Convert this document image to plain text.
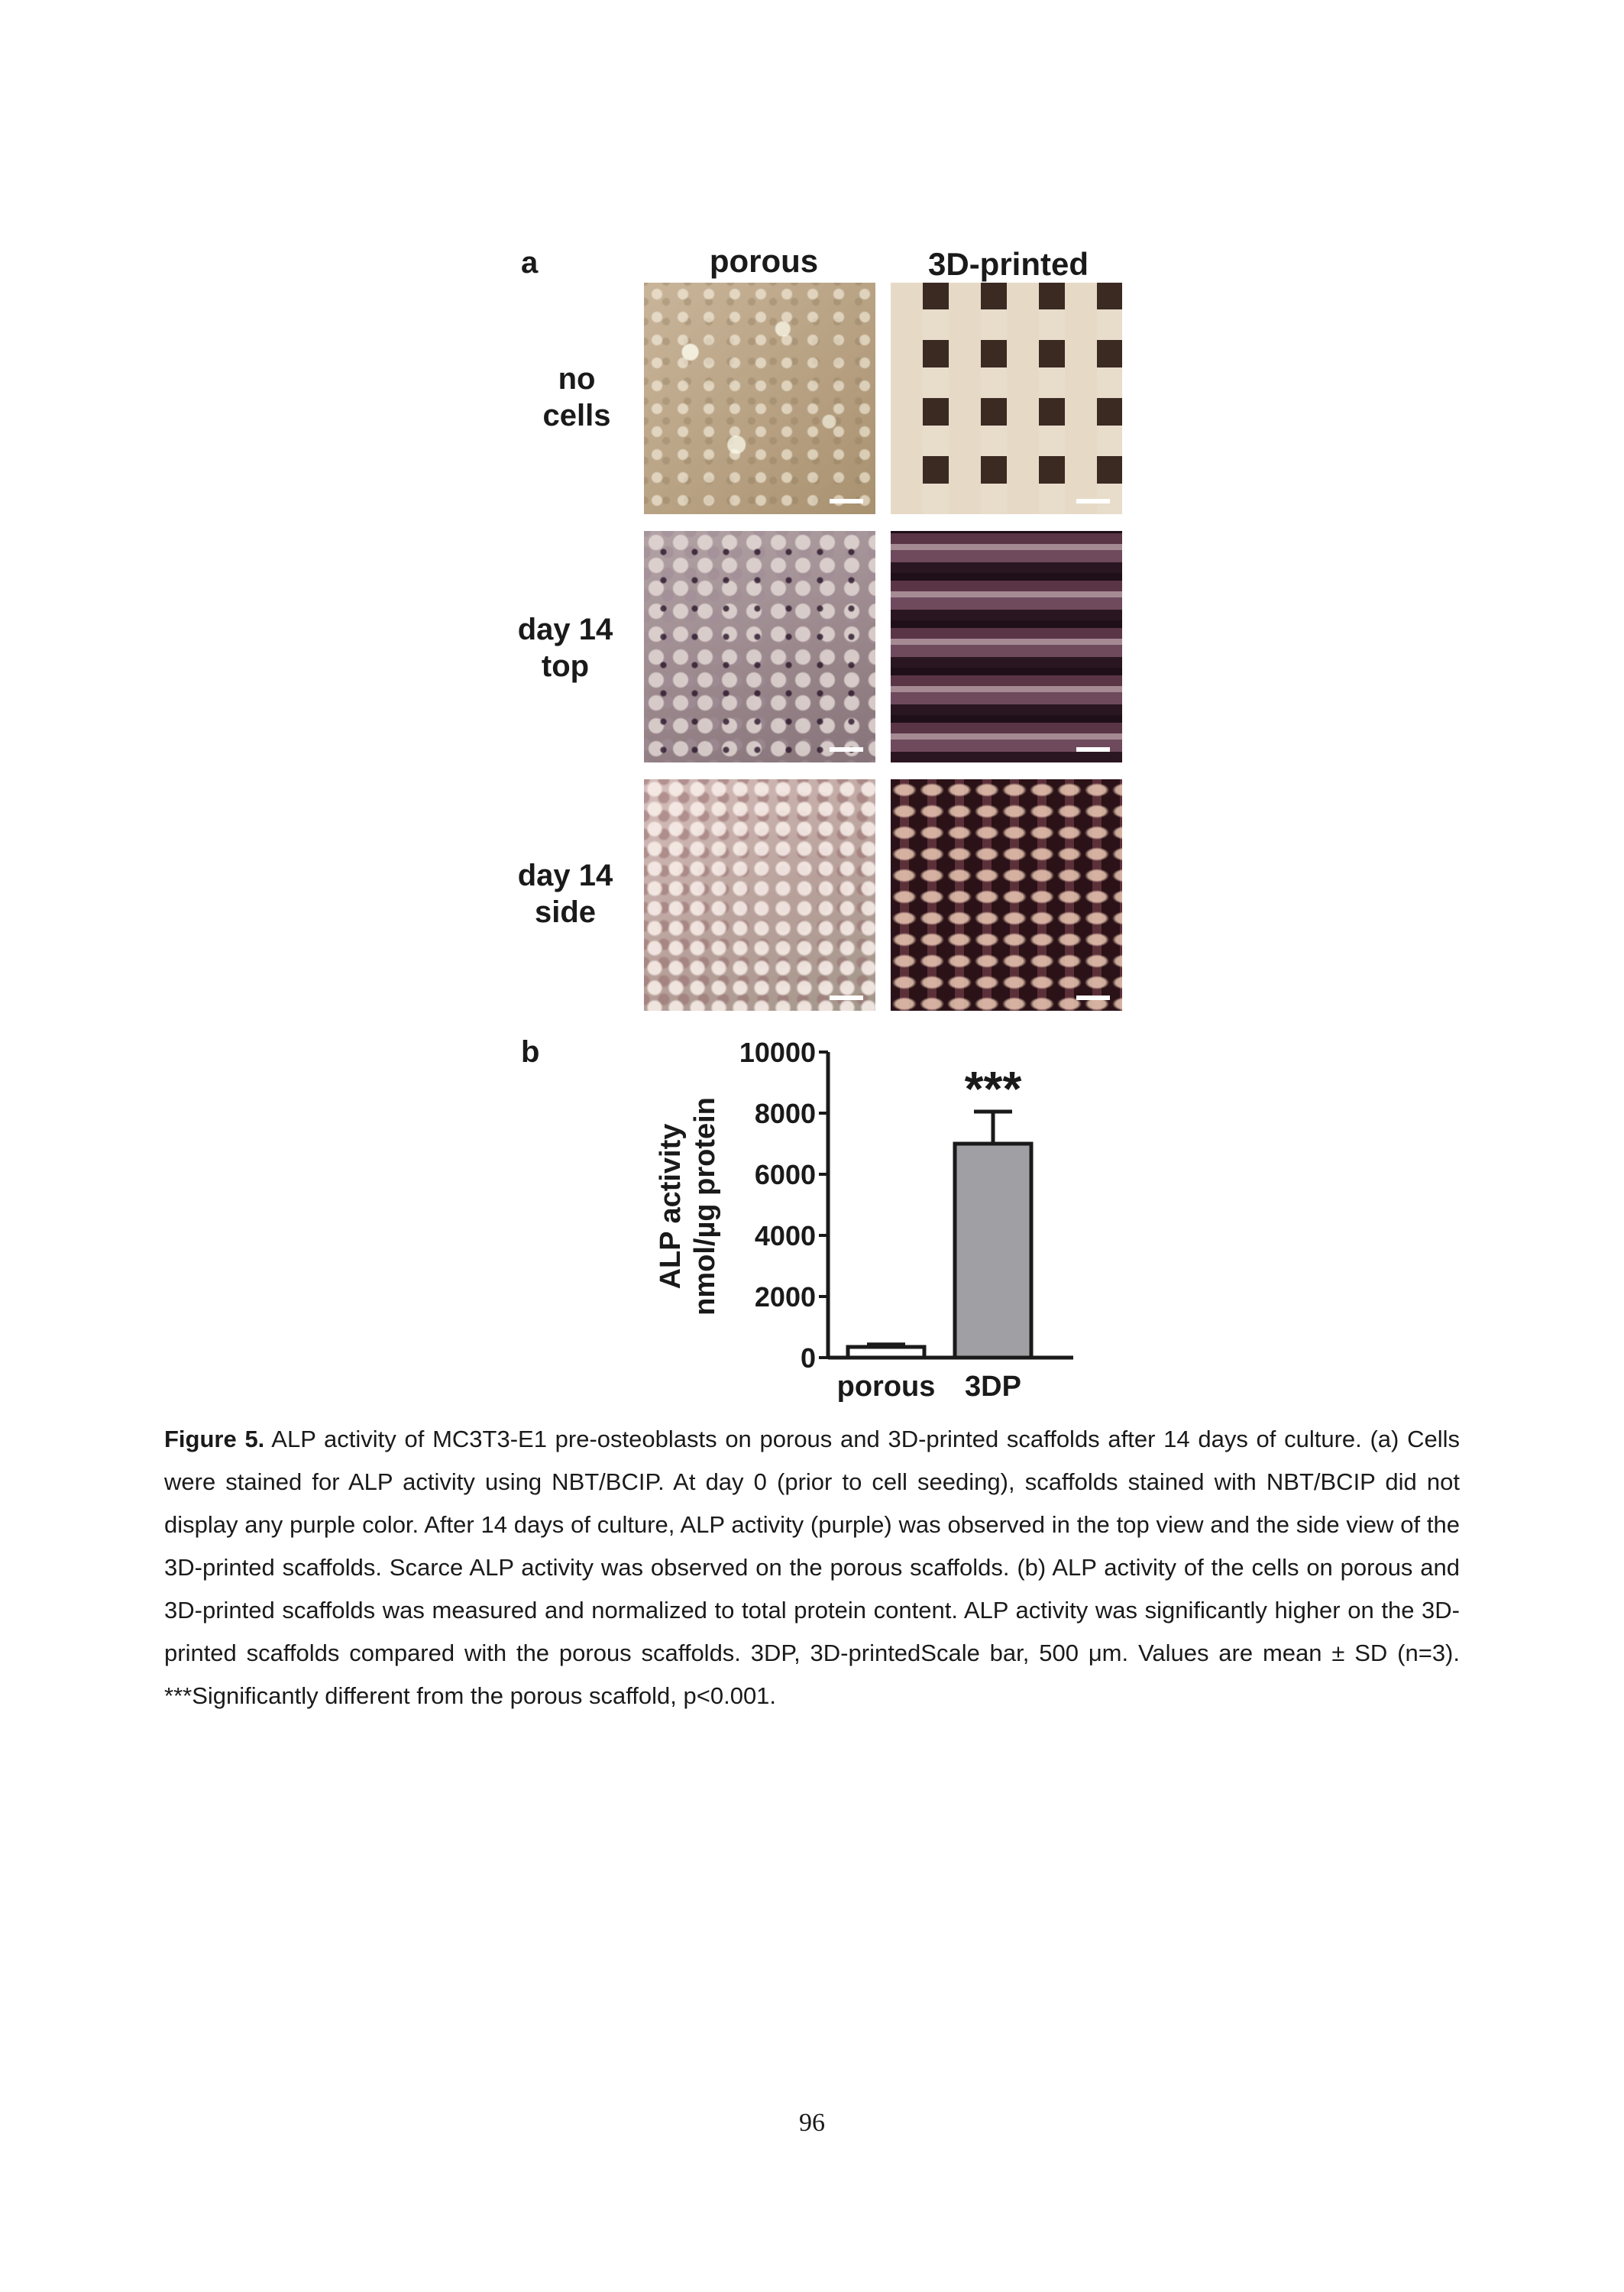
a	porous	3D-printed
no
cells
day 14
top
day 14
side
b
0
2000
4000
6000
8000
10000
ALP activity nmol/µg protein
porous 3DP
***
Figure 5. ALP activity of MC3T3-E1 pre-osteoblasts on porous and 3D-printed scaffolds after 14 days of culture. (a) Cells were stained for ALP activity using NBT/BCIP. At day 0 (prior to cell seeding), scaffolds stained with NBT/BCIP did not display any purple color. After 14 days of culture, ALP activity (purple) was observed in the top view and the side view of the 3D-printed scaffolds. Scarce ALP activity was observed on the porous scaffolds. (b) ALP activity of the cells on porous and 3D-printed scaffolds was measured and normalized to total protein content. ALP activity was significantly higher on the 3D-printed scaffolds compared with the porous scaffolds. 3DP, 3D-printedScale bar, 500 μm. Values are mean ± SD (n=3). ***Significantly different from the porous scaffold, p<0.001.
96
